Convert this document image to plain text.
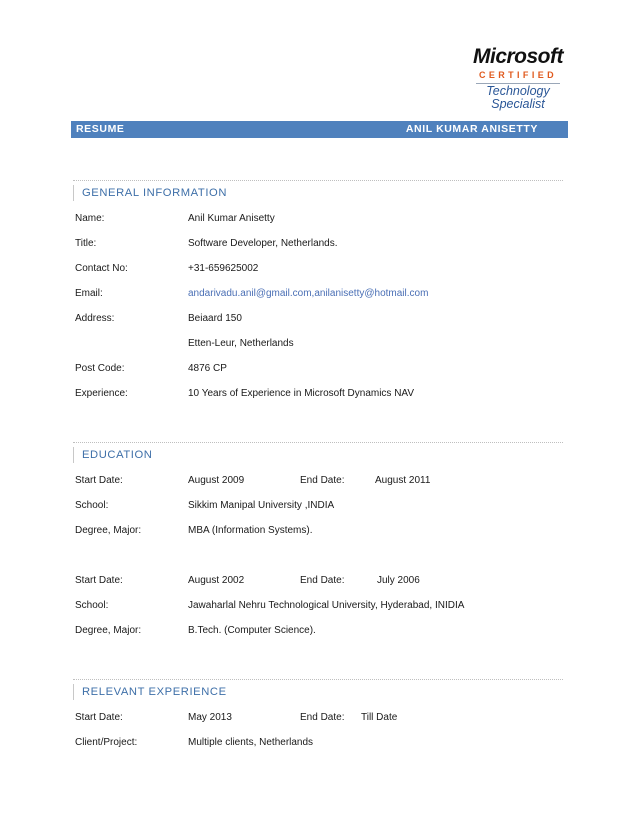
Microsoft
CERTIFIED
Technology
Specialist
RESUME	ANIL KUMAR ANISETTY
GENERAL INFORMATION
Name:	Anil Kumar Anisetty
Title:	Software Developer, Netherlands.
Contact No:	+31-659625002
Email:	andarivadu.anil@gmail.com,anilanisetty@hotmail.com
Address:	Beiaard 150
Etten-Leur, Netherlands
Post Code:	4876 CP
Experience:	10 Years of Experience in Microsoft Dynamics NAV
EDUCATION
Start Date:	August 2009	End Date:	August 2011
School:	Sikkim Manipal University ,INDIA
Degree, Major:	MBA (Information Systems).
Start Date:	August 2002	End Date:	July 2006
School:	Jawaharlal Nehru Technological University, Hyderabad, INIDIA
Degree, Major:	B.Tech. (Computer Science).
RELEVANT EXPERIENCE
Start Date:	May 2013	End Date: Till Date
Client/Project:	Multiple clients, Netherlands
